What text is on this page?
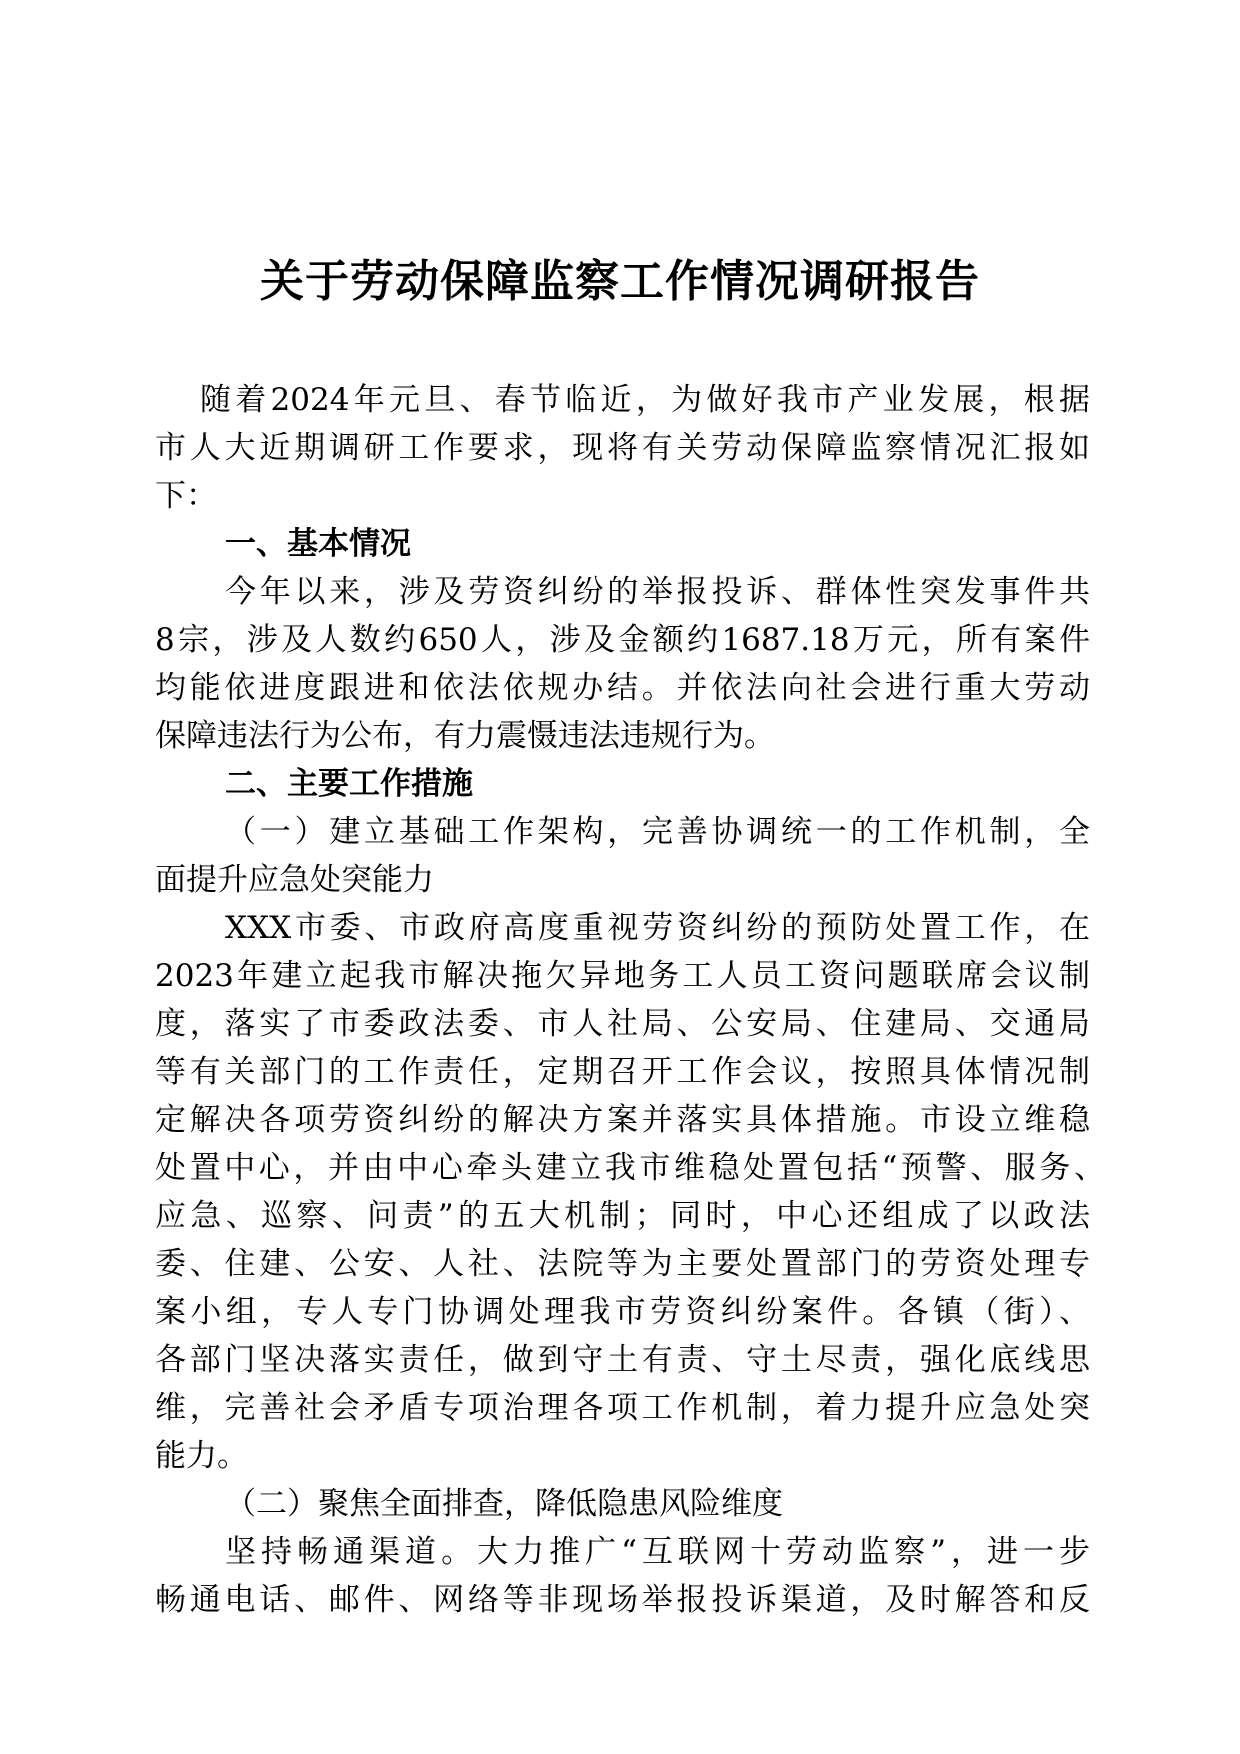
关于劳动保障监察工作情况调研报告
随着2024年元旦、春节临近，为做好我市产业发展，根据
市人大近期调研工作要求，现将有关劳动保障监察情况汇报如
下：
一、基本情况
今年以来，涉及劳资纠纷的举报投诉、群体性突发事件共
8宗，涉及人数约650人，涉及金额约1687.18万元，所有案件
均能依进度跟进和依法依规办结。并依法向社会进行重大劳动
保障违法行为公布，有力震慑违法违规行为。
二、主要工作措施
（一）建立基础工作架构，完善协调统一的工作机制，全
面提升应急处突能力
XXX市委、市政府高度重视劳资纠纷的预防处置工作，在
2023年建立起我市解决拖欠异地务工人员工资问题联席会议制
度，落实了市委政法委、市人社局、公安局、住建局、交通局
等有关部门的工作责任，定期召开工作会议，按照具体情况制
定解决各项劳资纠纷的解决方案并落实具体措施。市设立维稳
处置中心，并由中心牵头建立我市维稳处置包括“预警、服务、
应急、巡察、问责”的五大机制；同时，中心还组成了以政法
委、住建、公安、人社、法院等为主要处置部门的劳资处理专
案小组，专人专门协调处理我市劳资纠纷案件。各镇（街）、
各部门坚决落实责任，做到守土有责、守土尽责，强化底线思
维，完善社会矛盾专项治理各项工作机制，着力提升应急处突
能力。
（二）聚焦全面排查，降低隐患风险维度
坚持畅通渠道。大力推广“互联网十劳动监察”，进一步
畅通电话、邮件、网络等非现场举报投诉渠道，及时解答和反
